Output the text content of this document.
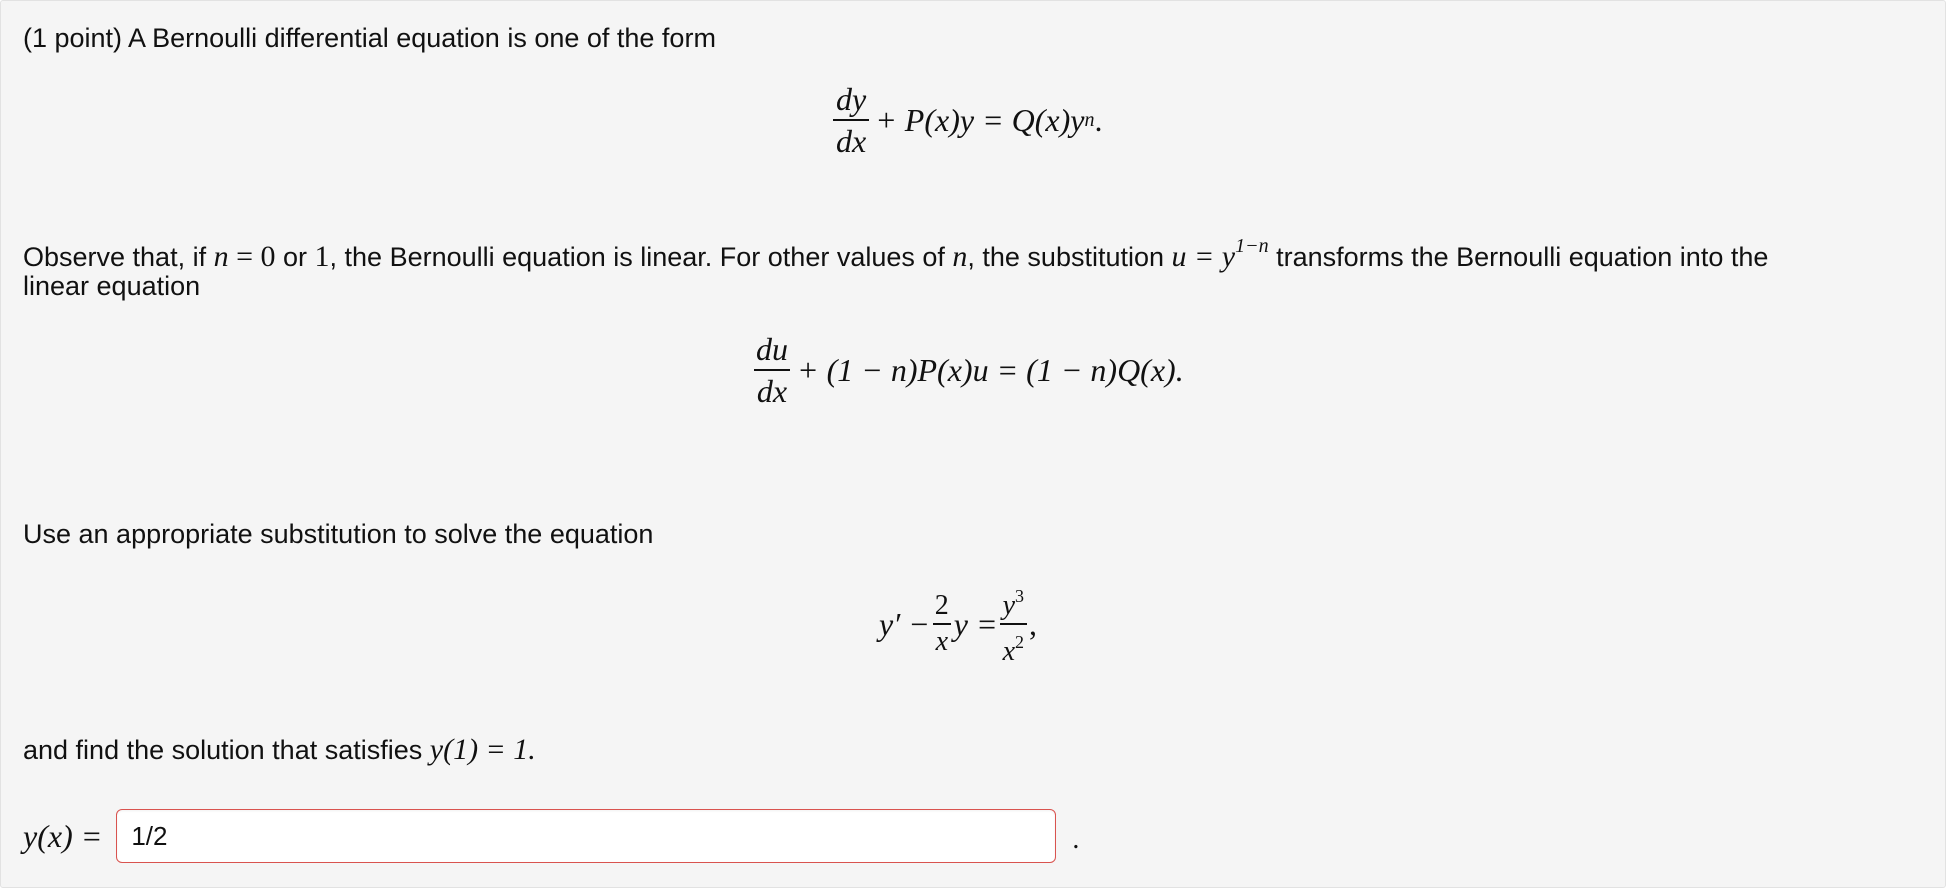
(1 point) A Bernoulli differential equation is one of the form
$\frac{dy}{dx} + P(x)y = Q(x)y$ n .
Observe that, if n = 0 or 1, the Bernoulli equation is linear. For other values of n, the substitution $u = y^{1-n}$ transforms the Bernoulli equation into the
linear equation
$\frac{du}{dx} + (1 - n)P(x)u = (1 - n)Q(x)$.
Use an appropriate substitution to solve the equation
$y' - \frac{2}{x}$ $y = \frac{y^3}{x^2}$ ,
and find the solution that satisfies y(1) = 1.
y(x) =
1/2	.
